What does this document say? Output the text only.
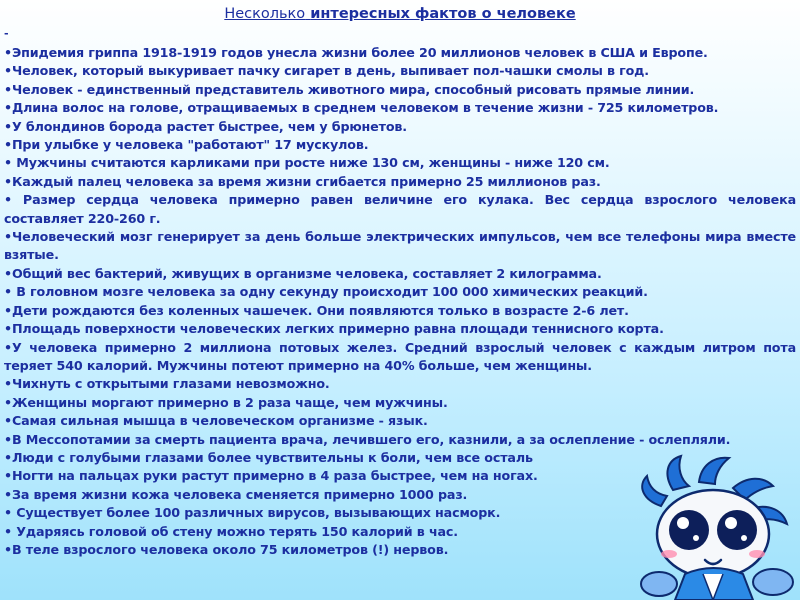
Несколько интересных фактов о человеке
-
• Эпидемия гриппа 1918-1919 годов унесла жизни более 20 миллионов человек в США и Европе.
• Человек, который выкуривает пачку сигарет в день, выпивает пол-чашки смолы в год.
• Человек - единственный представитель животного мира, способный рисовать прямые линии.
• Длина волос на голове, отращиваемых в среднем человеком в течение жизни - 725 километров.
• У блондинов борода растет быстрее, чем у брюнетов.
• При улыбке у человека "работают" 17 мускулов.
• Мужчины считаются карликами при росте ниже 130 см, женщины - ниже 120 см.
• Каждый палец человека за время жизни сгибается примерно 25 миллионов раз.
• Размер сердца человека примерно равен величине его кулака. Вес сердца взрослого человека составляет 220-260 г.
• Человеческий мозг генерирует за день больше электрических импульсов, чем все телефоны мира вместе взятые.
• Общий вес бактерий, живущих в организме человека, составляет 2 килограмма.
• В головном мозге человека за одну секунду происходит 100 000 химических реакций.
• Дети рождаются без коленных чашечек. Они появляются только в возрасте 2-6 лет.
• Площадь поверхности человеческих легких примерно равна площади теннисного корта.
• У человека примерно 2 миллиона потовых желез. Средний взрослый человек с каждым литром пота теряет 540 калорий. Мужчины потеют примерно на 40% больше, чем женщины.
• Чихнуть с открытыми глазами невозможно.
• Женщины моргают примерно в 2 раза чаще, чем мужчины.
• Самая сильная мышца в человеческом организме - язык.
• В Мессопотамии за смерть пациента врача, лечившего его, казнили, а за ослепление - ослепляли.
• Люди с голубыми глазами более чувствительны к боли, чем все осталь
• Ногти на пальцах руки растут примерно в 4 раза быстрее, чем на ногах.
• За время жизни кожа человека сменяется примерно 1000 раз.
• Существует более 100 различных вирусов, вызывающих насморк.
• Ударяясь головой об стену можно терять 150 калорий в час.
• В теле взрослого человека около 75 километров (!) нервов.
